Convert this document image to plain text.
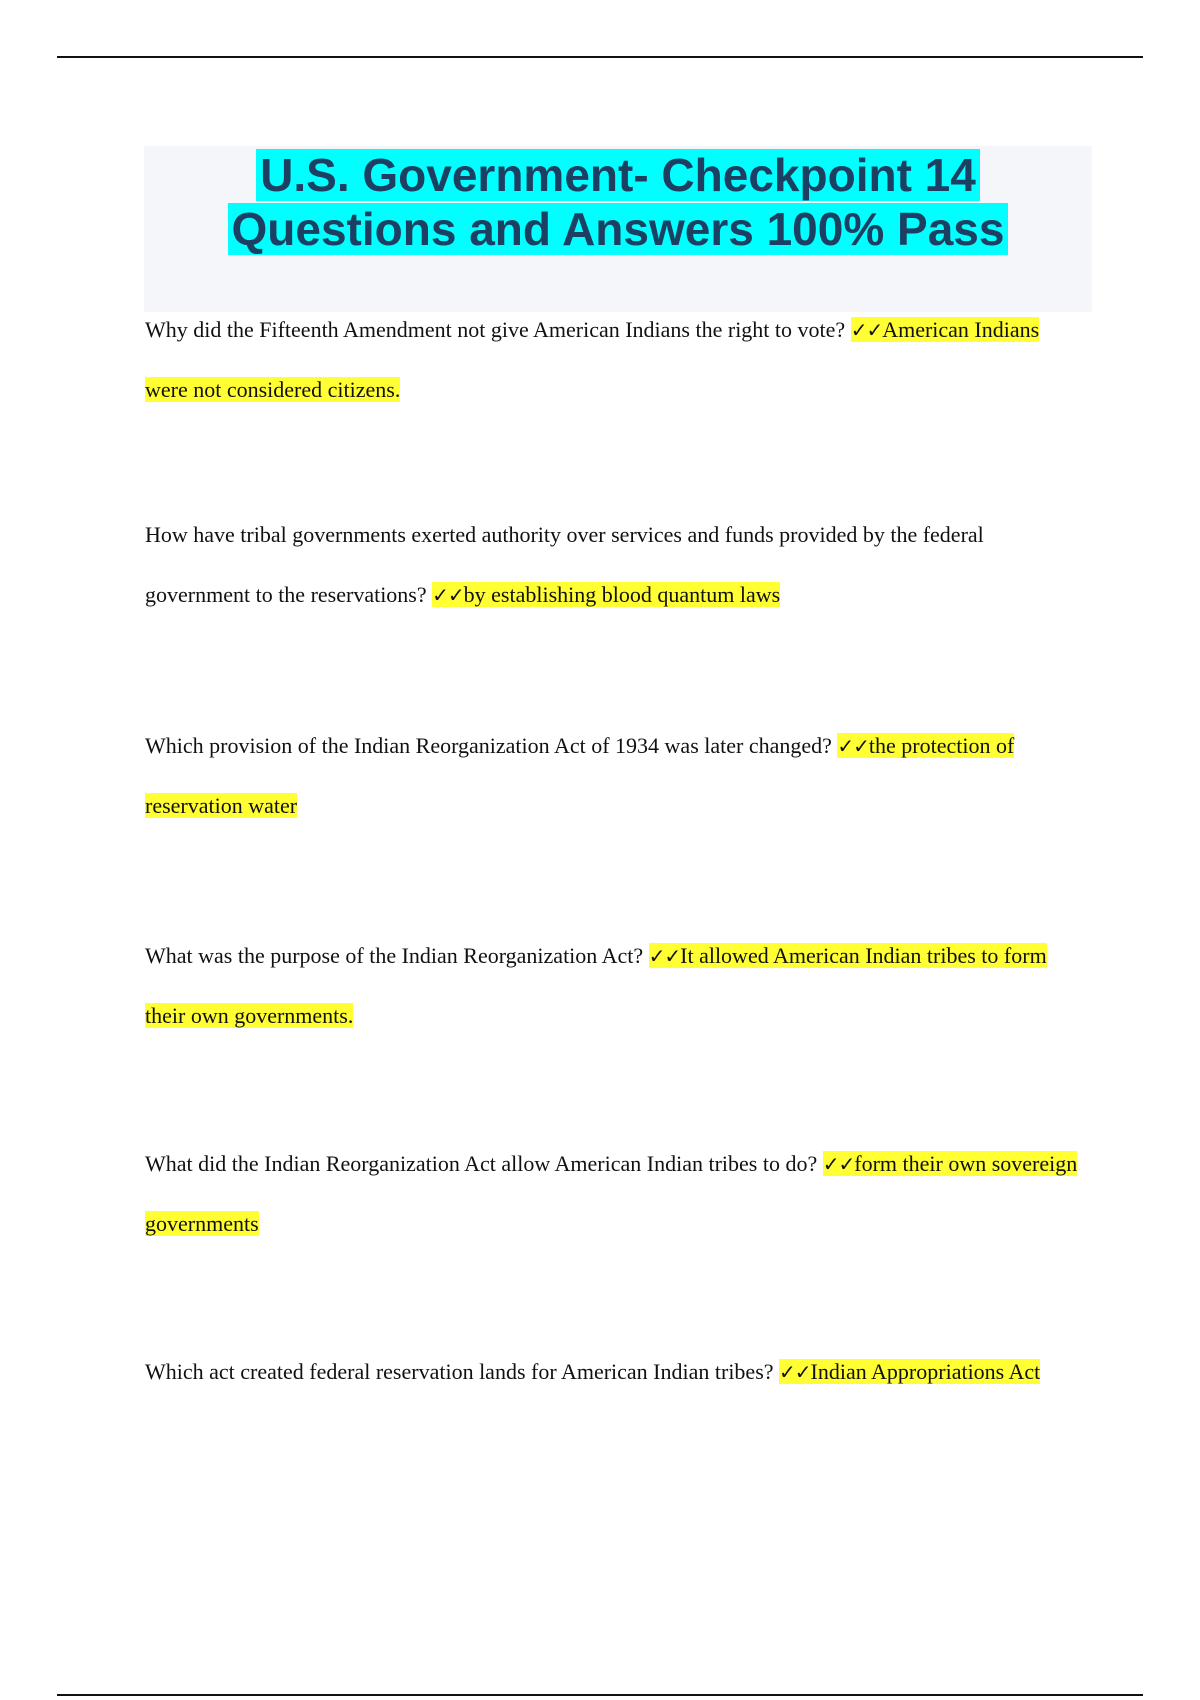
U.S. Government- Checkpoint 14
Questions and Answers 100% Pass

Why did the Fifteenth Amendment not give American Indians the right to vote? ✓✓American Indians were not considered citizens.

How have tribal governments exerted authority over services and funds provided by the federal government to the reservations? ✓✓by establishing blood quantum laws

Which provision of the Indian Reorganization Act of 1934 was later changed? ✓✓the protection of reservation water

What was the purpose of the Indian Reorganization Act? ✓✓It allowed American Indian tribes to form their own governments.

What did the Indian Reorganization Act allow American Indian tribes to do? ✓✓form their own sovereign governments

Which act created federal reservation lands for American Indian tribes? ✓✓Indian Appropriations Act
